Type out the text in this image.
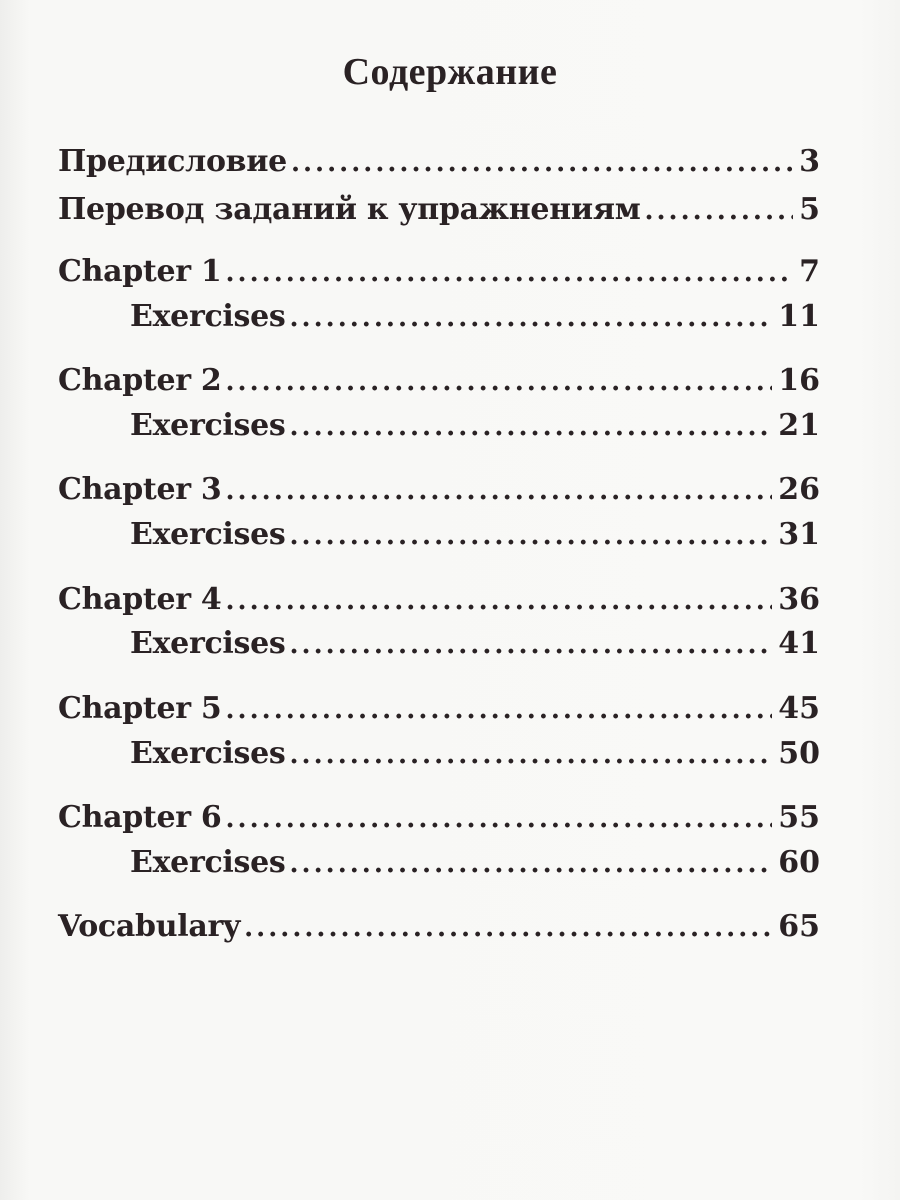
Содержание
Предисловие .....	3
Перевод заданий к упражнениям .....	5
Chapter 1 .....	7
Exercises .....	11
Chapter 2 .....	16
Exercises .....	21
Chapter 3 .....	26
Exercises .....	31
Chapter 4 .....	36
Exercises .....	41
Chapter 5 .....	45
Exercises .....	50
Chapter 6 .....	55
Exercises .....	60
Vocabulary .....	65
